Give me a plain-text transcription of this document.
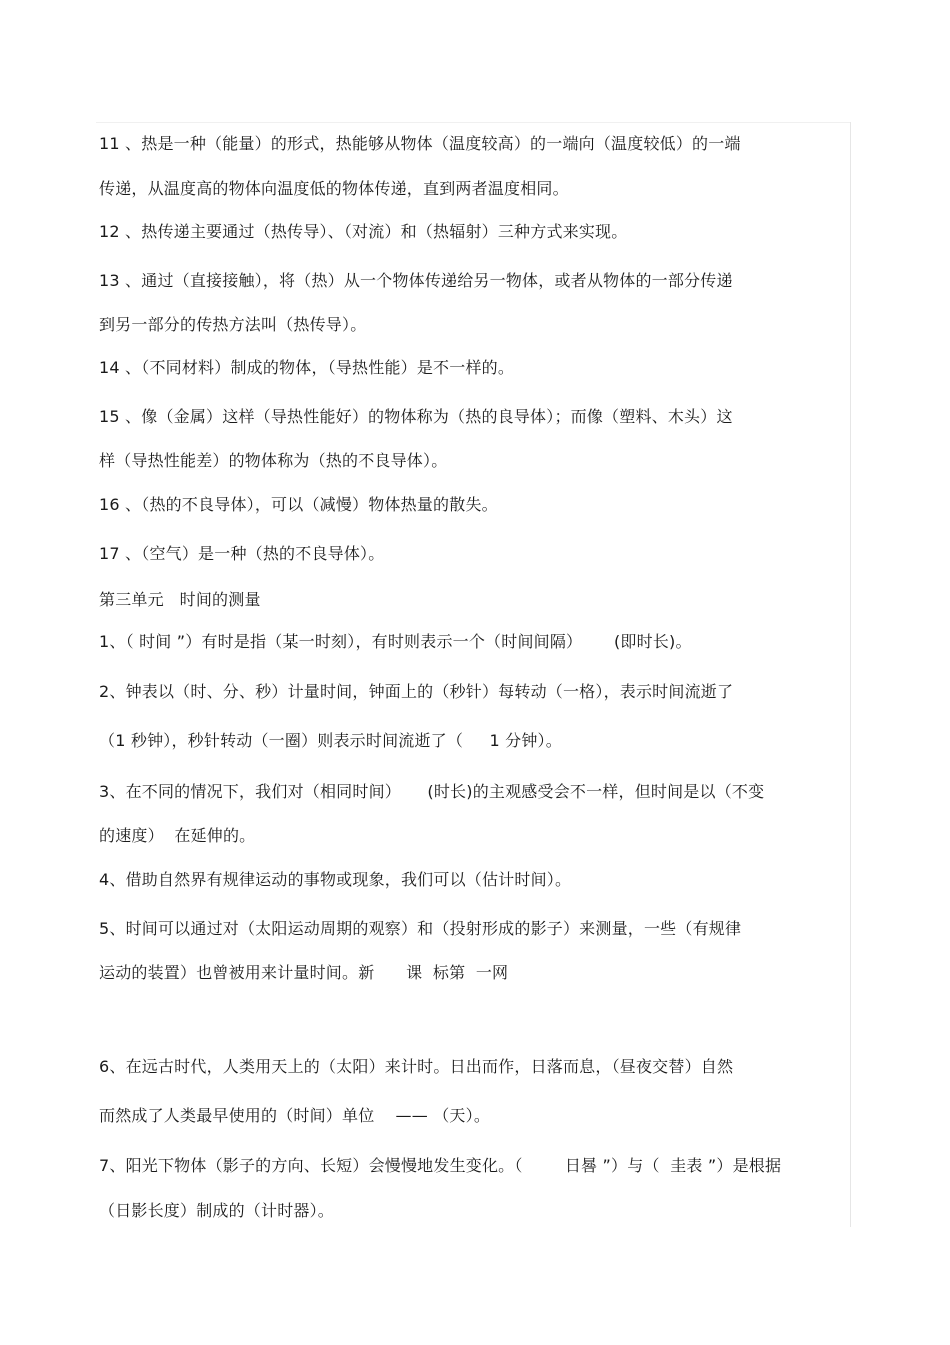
11 、热是一种（能量）的形式，热能够从物体（温度较高）的一端向（温度较低）的一端
传递，从温度高的物体向温度低的物体传递，直到两者温度相同。
12 、热传递主要通过（热传导）、（对流）和（热辐射）三种方式来实现。
13 、通过（直接接触），将（热）从一个物体传递给另一物体，或者从物体的一部分传递
到另一部分的传热方法叫（热传导）。
14 、（不同材料）制成的物体，（导热性能）是不一样的。
15 、像（金属）这样（导热性能好）的物体称为（热的良导体）；而像（塑料、木头）这
样（导热性能差）的物体称为（热的不良导体）。
16 、（热的不良导体），可以（减慢）物体热量的散失。
17 、（空气）是一种（热的不良导体）。
第三单元   时间的测量
1、（ 时间 ”）有时是指（某一时刻），有时则表示一个（时间间隔）      (即时长)。
2、钟表以（时、分、秒）计量时间，钟面上的（秒针）每转动（一格），表示时间流逝了
（1 秒钟），秒针转动（一圈）则表示时间流逝了（     1 分钟）。
3、在不同的情况下，我们对（相同时间）     (时长)的主观感受会不一样，但时间是以（不变
的速度）  在延伸的。
4、借助自然界有规律运动的事物或现象，我们可以（估计时间）。
5、时间可以通过对（太阳运动周期的观察）和（投射形成的影子）来测量，一些（有规律
运动的装置）也曾被用来计量时间。新      课  标第  一网
6、在远古时代，人类用天上的（太阳）来计时。日出而作，日落而息，（昼夜交替）自然
而然成了人类最早使用的（时间）单位    —— （天）。
7、阳光下物体（影子的方向、长短）会慢慢地发生变化。（        日晷 ”）与（  圭表 ”）是根据
（日影长度）制成的（计时器）。
